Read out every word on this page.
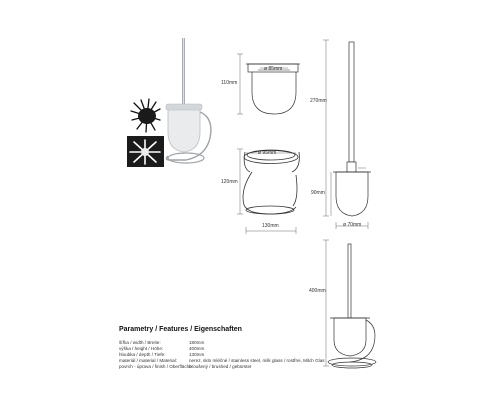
ø 85mm
110mm
ø 95mm
120mm
130mm
270mm
90mm
ø 70mm
400mm
Parametry / Features / Eigenschaften
šířka / width / Breite:	180mm
výška / height / Höhe:	400mm
hloubka / depth / Tiefe:	130mm
materiál / material / Material:	nerez, sklo mléčné / stainless steel, milk glass / rostfrei, Milch Glas
povrch - úprava / finish / Oberfläche:
broušený / brushed / gebürstet
